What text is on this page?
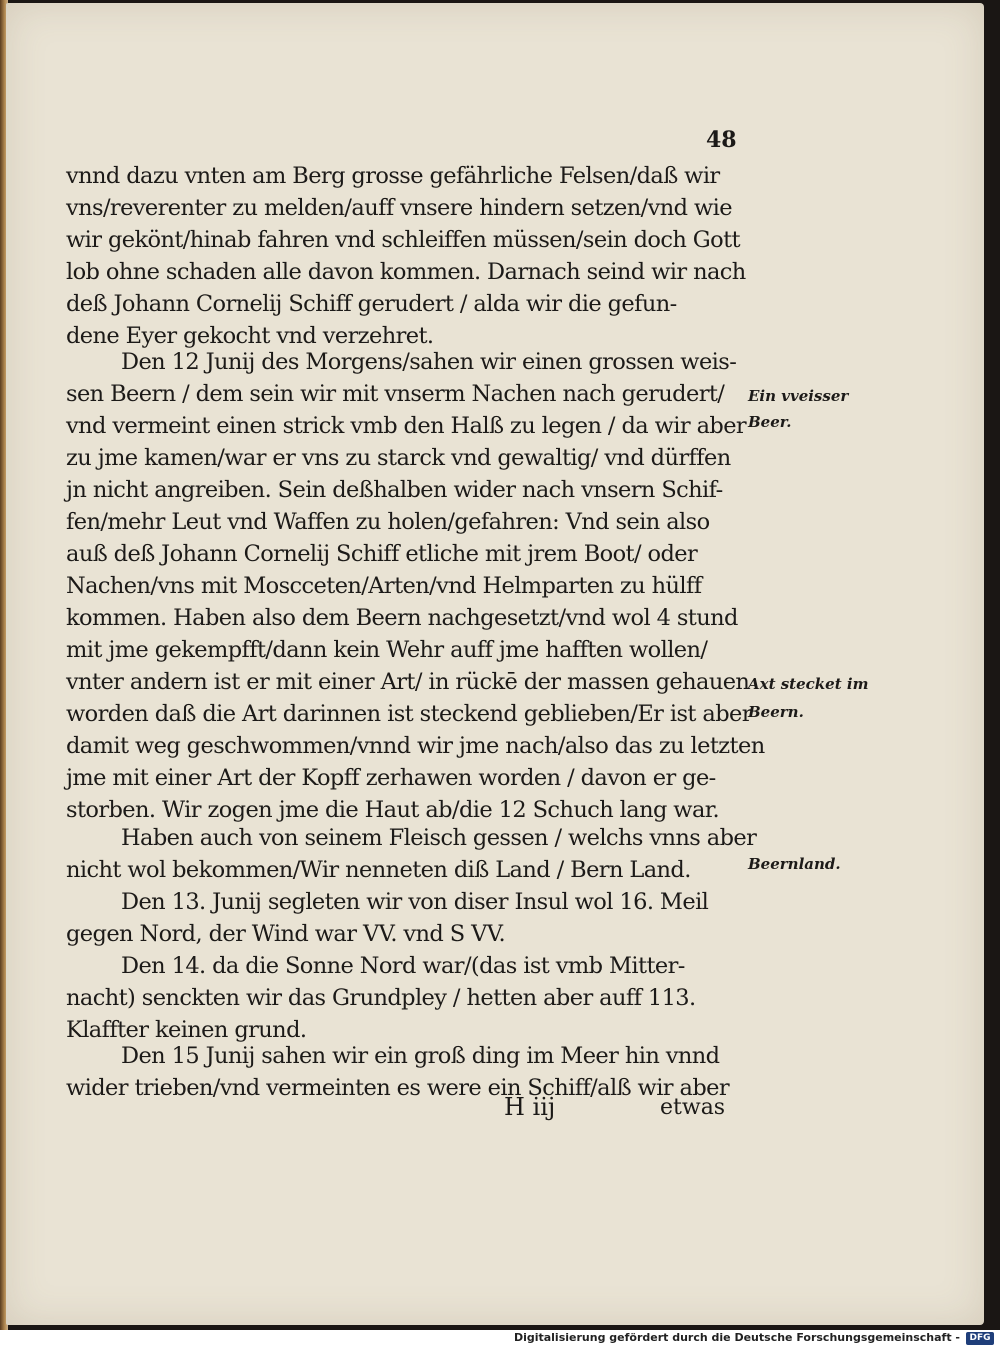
48
vnnd dazu vnten am Berg grosse gefährliche Felsen/daß wir
vns/reverenter zu melden/auff vnsere hindern setzen/vnd wie
wir gekönt/hinab fahren vnd schleiffen müssen/sein doch Gott
lob ohne schaden alle davon kommen. Darnach seind wir nach
deß Johann Cornelij Schiff gerudert / alda wir die gefun-
dene Eyer gekocht vnd verzehret.
Den 12 Junij des Morgens/sahen wir einen grossen weis-
sen Beern / dem sein wir mit vnserm Nachen nach gerudert/
vnd vermeint einen strick vmb den Halß zu legen / da wir aber
zu jme kamen/war er vns zu starck vnd gewaltig/ vnd dürffen
jn nicht angreiben. Sein deßhalben wider nach vnsern Schif-
fen/mehr Leut vnd Waffen zu holen/gefahren: Vnd sein also
auß deß Johann Cornelij Schiff etliche mit jrem Boot/ oder
Nachen/vns mit Moscceten/Arten/vnd Helmparten zu hülff
kommen. Haben also dem Beern nachgesetzt/vnd wol 4 stund
mit jme gekempfft/dann kein Wehr auff jme hafften wollen/
vnter andern ist er mit einer Art/ in rückē der massen gehauen
worden daß die Art darinnen ist steckend geblieben/Er ist aber
damit weg geschwommen/vnnd wir jme nach/also das zu letzten
jme mit einer Art der Kopff zerhawen worden / davon er ge-
storben. Wir zogen jme die Haut ab/die 12 Schuch lang war.
Haben auch von seinem Fleisch gessen / welchs vnns aber
nicht wol bekommen/Wir nenneten diß Land / Bern Land.
Den 13. Junij segleten wir von diser Insul wol 16. Meil
gegen Nord, der Wind war VV. vnd S VV.
Den 14. da die Sonne Nord war/(das ist vmb Mitter-
nacht) senckten wir das Grundpley / hetten aber auff 113.
Klaffter keinen grund.
Den 15 Junij sahen wir ein groß ding im Meer hin vnnd
wider trieben/vnd vermeinten es were ein Schiff/alß wir aber
Ein vveisser
Beer.
Axt stecket im
Beern.
Beernland.
H iij	etwas
Digitalisierung gefördert durch die Deutsche Forschungsgemeinschaft -	DFG
